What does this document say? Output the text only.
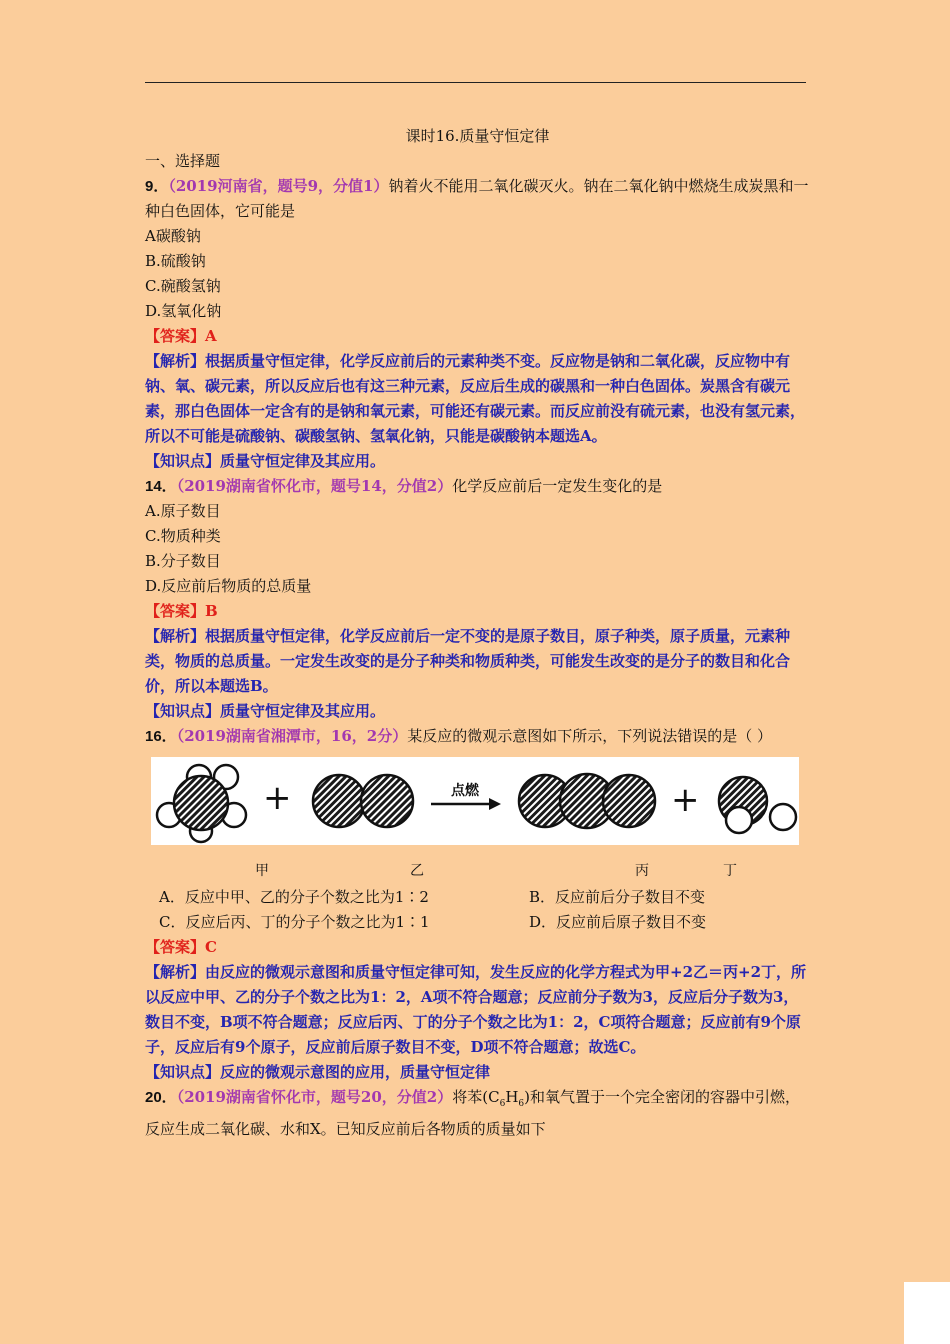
课时16.质量守恒定律
一、选择题
9．（2019河南省，题号9，分值1）钠着火不能用二氧化碳灭火。钠在二氧化钠中燃烧生成炭黑和一种白色固体，它可能是
A碳酸钠
B.硫酸钠
C.碗酸氢钠
D.氢氧化钠
【答案】A
【解析】根据质量守恒定律，化学反应前后的元素种类不变。反应物是钠和二氧化碳，反应物中有钠、氧、碳元素，所以反应后也有这三种元素，反应后生成的碳黑和一种白色固体。炭黑含有碳元素，那白色固体一定含有的是钠和氧元素，可能还有碳元素。而反应前没有硫元素，也没有氢元素，所以不可能是硫酸钠、碳酸氢钠、氢氧化钠，只能是碳酸钠本题选A。
【知识点】质量守恒定律及其应用。
14．（2019湖南省怀化市，题号14，分值2）化学反应前后一定发生变化的是
A.原子数目
C.物质种类
B.分子数目
D.反应前后物质的总质量
【答案】B
【解析】根据质量守恒定律，化学反应前后一定不变的是原子数目，原子种类，原子质量，元素种类，物质的总质量。一定发生改变的是分子种类和物质种类，可能发生改变的是分子的数目和化合价，所以本题选B。
【知识点】质量守恒定律及其应用。
16．（2019湖南省湘潭市，16，2分）某反应的微观示意图如下所示，下列说法错误的是（ ）
+	点燃	+
甲	乙	丙	丁
A．反应中甲、乙的分子个数之比为1∶2	B．反应前后分子数目不变
C．反应后丙、丁的分子个数之比为1∶1	D．反应前后原子数目不变
【答案】C
【解析】由反应的微观示意图和质量守恒定律可知，发生反应的化学方程式为甲+2乙＝丙+2丁，所以反应中甲、乙的分子个数之比为1：2，A项不符合题意；反应前分子数为3，反应后分子数为3，数目不变，B项不符合题意；反应后丙、丁的分子个数之比为1：2，C项符合题意；反应前有9个原子，反应后有9个原子，反应前后原子数目不变，D项不符合题意；故选C。
【知识点】反应的微观示意图的应用，质量守恒定律
20．（2019湖南省怀化市，题号20，分值2）将苯$(C_6H_6)$和氧气置于一个完全密闭的容器中引燃，反应生成二氧化碳、水和X。已知反应前后各物质的质量如下
